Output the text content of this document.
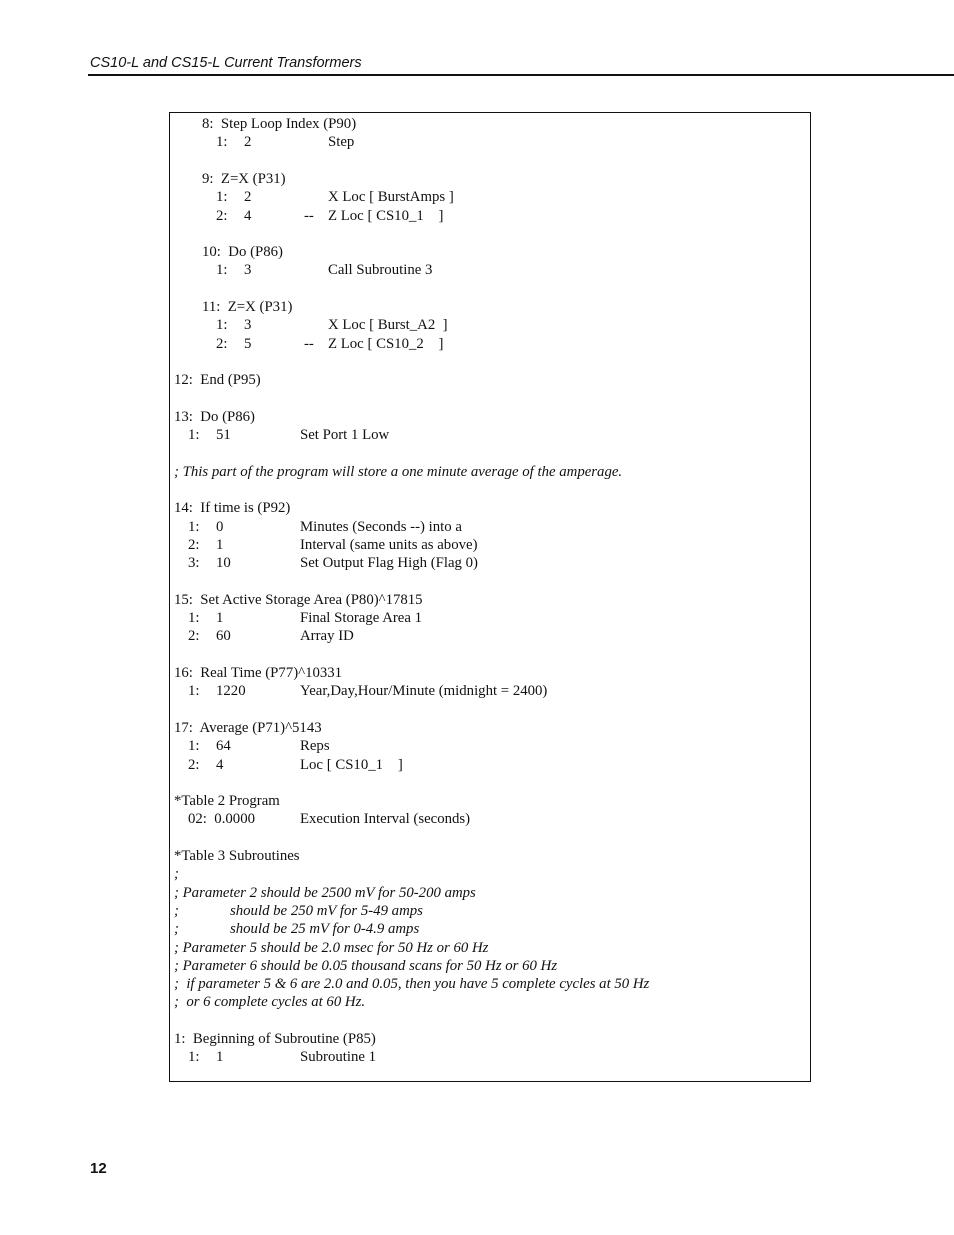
CS10-L and CS15-L Current Transformers
12
8:  Step Loop Index (P90)
1: 2	Step
9:  Z=X (P31)
1: 2	X Loc [ BurstAmps ]
2: 4	-- Z Loc [ CS10_1    ]
10:  Do (P86)
1: 3	Call Subroutine 3
11:  Z=X (P31)
1: 3	X Loc [ Burst_A2  ]
2: 5	-- Z Loc [ CS10_2    ]
12:  End (P95)
13:  Do (P86)
1: 51	Set Port 1 Low
; This part of the program will store a one minute average of the amperage.
14:  If time is (P92)
1: 0	Minutes (Seconds --) into a
2: 1	Interval (same units as above)
3: 10	Set Output Flag High (Flag 0)
15:  Set Active Storage Area (P80)^17815
1: 1	Final Storage Area 1
2: 60	Array ID
16:  Real Time (P77)^10331
1: 1220	Year,Day,Hour/Minute (midnight = 2400)
17:  Average (P71)^5143
1: 64	Reps
2: 4	Loc [ CS10_1    ]
*Table 2 Program
02:  0.0000	Execution Interval (seconds)
*Table 3 Subroutines
;
; Parameter 2 should be 2500 mV for 50-200 amps
;	should be 250 mV for 5-49 amps
;	should be 25 mV for 0-4.9 amps
; Parameter 5 should be 2.0 msec for 50 Hz or 60 Hz
; Parameter 6 should be 0.05 thousand scans for 50 Hz or 60 Hz
;  if parameter 5 & 6 are 2.0 and 0.05, then you have 5 complete cycles at 50 Hz
;  or 6 complete cycles at 60 Hz.
1:  Beginning of Subroutine (P85)
1: 1	Subroutine 1
